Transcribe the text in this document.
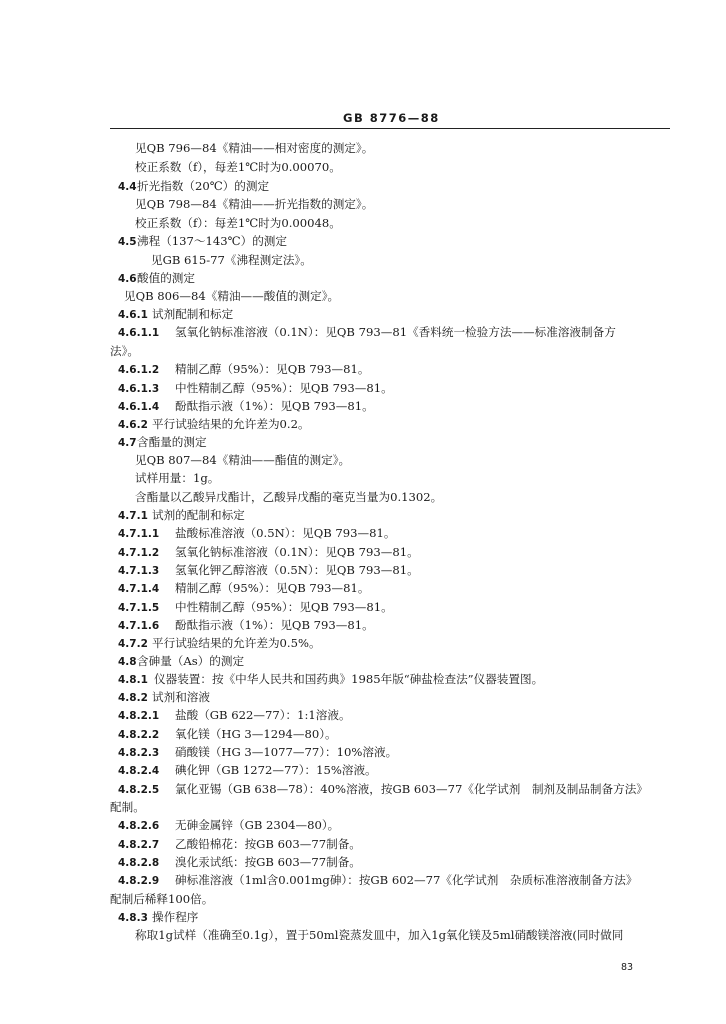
GB 8776—88
见QB 796—84《精油——相对密度的测定》。
校正系数（f），每差1℃时为0.00070。
4.4 折光指数（20℃）的测定
见QB 798—84《精油——折光指数的测定》。
校正系数（f）：每差1℃时为0.00048。
4.5 沸程（137～143℃）的测定
见GB 615-77《沸程测定法》。
4.6 酸值的测定
见QB 806—84《精油——酸值的测定》。
4.6.1 试剂配制和标定
4.6.1.1 氢氧化钠标准溶液（0.1N）：见QB 793—81《香料统一检验方法——标准溶液制备方
法》。
4.6.1.2 精制乙醇（95%）：见QB 793—81。
4.6.1.3 中性精制乙醇（95%）：见QB 793—81。
4.6.1.4 酚酞指示液（1%）：见QB 793—81。
4.6.2 平行试验结果的允许差为0.2。
4.7 含酯量的测定
见QB 807—84《精油——酯值的测定》。
试样用量：1g。
含酯量以乙酸异戊酯计，乙酸异戊酯的毫克当量为0.1302。
4.7.1 试剂的配制和标定
4.7.1.1 盐酸标准溶液（0.5N）：见QB 793—81。
4.7.1.2 氢氧化钠标准溶液（0.1N）：见QB 793—81。
4.7.1.3 氢氧化钾乙醇溶液（0.5N）：见QB 793—81。
4.7.1.4 精制乙醇（95%）：见QB 793—81。
4.7.1.5 中性精制乙醇（95%）：见QB 793—81。
4.7.1.6 酚酞指示液（1%）：见QB 793—81。
4.7.2 平行试验结果的允许差为0.5%。
4.8 含砷量（As）的测定
4.8.1 仪器装置：按《中华人民共和国药典》1985年版“砷盐检查法”仪器装置图。
4.8.2 试剂和溶液
4.8.2.1 盐酸（GB 622—77）：1:1溶液。
4.8.2.2 氧化镁（HG 3—1294—80）。
4.8.2.3 硝酸镁（HG 3—1077—77）：10%溶液。
4.8.2.4 碘化钾（GB 1272—77）：15%溶液。
4.8.2.5 氯化亚锡（GB 638—78）：40%溶液，按GB 603—77《化学试剂　制剂及制品制备方法》
配制。
4.8.2.6 无砷金属锌（GB 2304—80）。
4.8.2.7 乙酸铅棉花：按GB 603—77制备。
4.8.2.8 溴化汞试纸：按GB 603—77制备。
4.8.2.9 砷标准溶液（1ml含0.001mg砷）：按GB 602—77《化学试剂　杂质标准溶液制备方法》
配制后稀释100倍。
4.8.3 操作程序
称取1g试样（准确至0.1g），置于50ml瓷蒸发皿中，加入1g氧化镁及5ml硝酸镁溶液(同时做同
83
